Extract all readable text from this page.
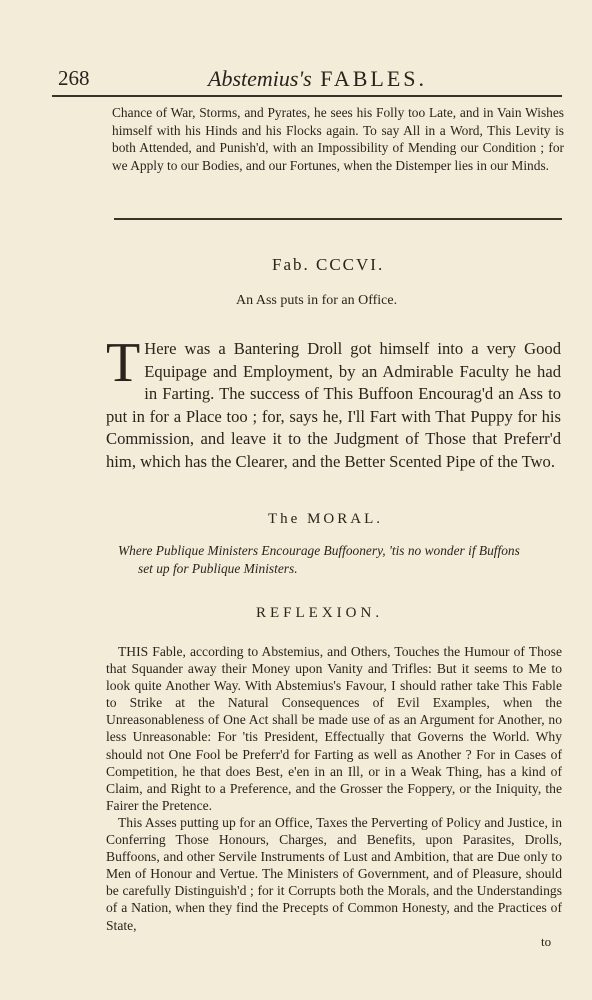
268	Abstemius's FABLES.
Chance of War, Storms, and Pyrates, he sees his Folly too Late, and in Vain Wishes himself with his Hinds and his Flocks again. To say All in a Word, This Levity is both Attended, and Punish'd, with an Impossibility of Mending our Condition ; for we Apply to our Bodies, and our Fortunes, when the Distemper lies in our Minds.
Fab. CCCVI.
An Ass puts in for an Office.
T Here was a Bantering Droll got himself into a very Good Equipage and Employment, by an Admirable Faculty he had in Farting. The success of This Buffoon Encourag'd an Ass to put in for a Place too ; for, says he, I'll Fart with That Puppy for his Commission, and leave it to the Judgment of Those that Preferr'd him, which has the Clearer, and the Better Scented Pipe of the Two.
The MORAL.
Where Publique Ministers Encourage Buffoonery, 'tis no wonder if Buffons
set up for Publique Ministers.
REFLEXION.

THIS Fable, according to Abstemius, and Others, Touches the Humour of Those that Squander away their Money upon Vanity and Trifles: But it seems to Me to look quite Another Way. With Abstemius's Favour, I should rather take This Fable to Strike at the Natural Consequences of Evil Examples, when the Unreasonableness of One Act shall be made use of as an Argument for Another, no less Unreasonable: For 'tis President, Effectually that Governs the World. Why should not One Fool be Preferr'd for Farting as well as Another ? For in Cases of Competition, he that does Best, e'en in an Ill, or in a Weak Thing, has a kind of Claim, and Right to a Preference, and the Grosser the Foppery, or the Iniquity, the Fairer the Pretence.

This Asses putting up for an Office, Taxes the Perverting of Policy and Justice, in Conferring Those Honours, Charges, and Benefits, upon Parasites, Drolls, Buffoons, and other Servile Instruments of Lust and Ambition, that are Due only to Men of Honour and Vertue. The Ministers of Government, and of Pleasure, should be carefully Distinguish'd ; for it Corrupts both the Morals, and the Understandings of a Nation, when they find the Precepts of Common Honesty, and the Practices of State,

to
